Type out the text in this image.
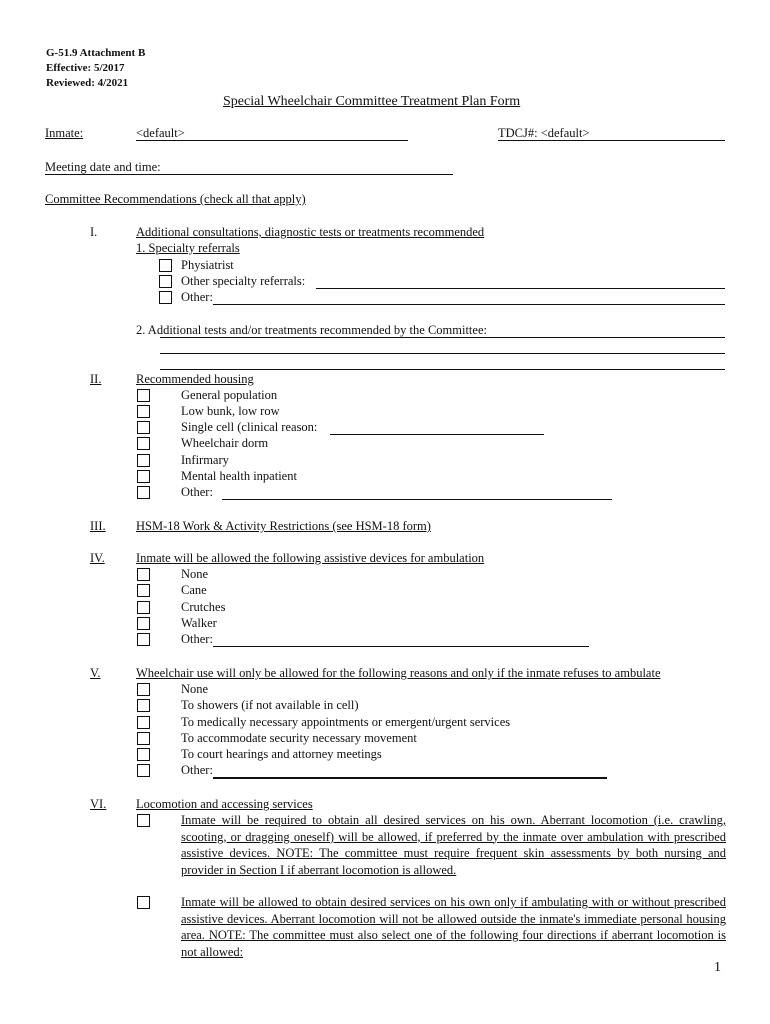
G-51.9 Attachment B
Effective: 5/2017
Reviewed: 4/2021
Special Wheelchair Committee Treatment Plan Form
Inmate:	<default>	TDCJ#: <default>
Meeting date and time:
Committee Recommendations (check all that apply)
I.	Additional consultations, diagnostic tests or treatments recommended
1. Specialty referrals
Physiatrist
Other specialty referrals:
Other:
2. Additional tests and/or treatments recommended by the Committee:
II.	Recommended housing
General population
Low bunk, low row
Single cell (clinical reason:
Wheelchair dorm
Infirmary
Mental health inpatient
Other:
III. HSM-18 Work & Activity Restrictions (see HSM-18 form)
IV.	Inmate will be allowed the following assistive devices for ambulation
None
Cane
Crutches
Walker
Other:
V.	Wheelchair use will only be allowed for the following reasons and only if the inmate refuses to ambulate
None
To showers (if not available in cell)
To medically necessary appointments or emergent/urgent services
To accommodate security necessary movement
To court hearings and attorney meetings
Other:
VI. Locomotion and accessing services
Inmate will be required to obtain all desired services on his own. Aberrant locomotion (i.e. crawling, scooting, or dragging oneself) will be allowed, if preferred by the inmate over ambulation with prescribed assistive devices. NOTE: The committee must require frequent skin assessments by both nursing and provider in Section I if aberrant locomotion is allowed.
Inmate will be allowed to obtain desired services on his own only if ambulating with or without prescribed assistive devices. Aberrant locomotion will not be allowed outside the inmate's immediate personal housing area. NOTE: The committee must also select one of the following four directions if aberrant locomotion is not allowed:
1
